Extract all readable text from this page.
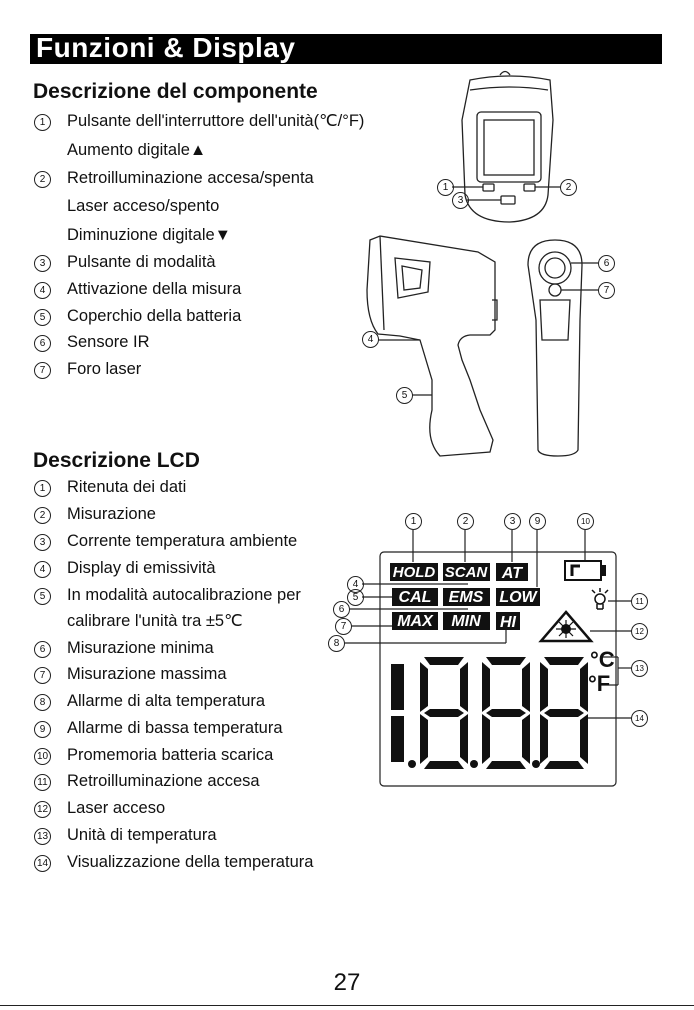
Funzioni & Display
Descrizione del componente
1 Pulsante dell'interruttore dell'unità(℃/°F)
Aumento digitale▲
2 Retroilluminazione accesa/spenta
Laser acceso/spento
Diminuzione digitale▼
3 Pulsante di modalità
4 Attivazione della misura
5 Coperchio della batteria
6 Sensore IR
7 Foro laser
Descrizione LCD
1 Ritenuta dei dati
2 Misurazione
3 Corrente temperatura ambiente
4 Display di emissività
5 In modalità autocalibrazione per
calibrare l'unità tra ±5℃
6 Misurazione minima
7 Misurazione massima
8 Allarme di alta temperatura
9 Allarme di bassa temperatura
10 Promemoria batteria scarica
11 Retroilluminazione accesa
12 Laser acceso
13 Unità di temperatura
14 Visualizzazione della temperatura
1
3
2
4
5
6
7
HOLD SCAN AT
CAL EMS LOW
MAX MIN HI
°C
°F
1	2	3	9	10
4
5
6
7
8
11
12
13
14
27
